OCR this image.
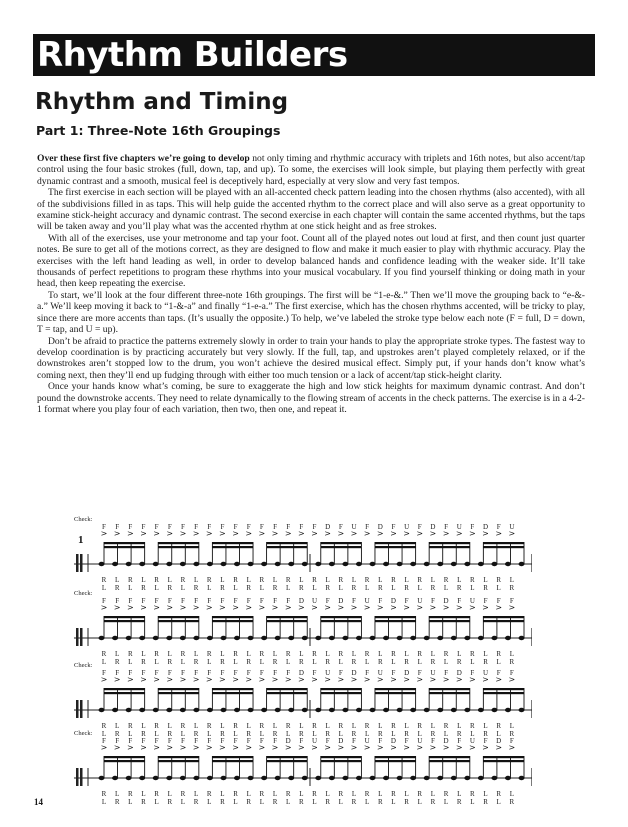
Rhythm Builders
Rhythm and Timing
Part 1: Three-Note 16th Groupings

Over these first five chapters we’re going to develop not only timing and rhythmic accuracy with triplets and 16th notes, but also accent/tap control using the four basic strokes (full, down, tap, and up). To some, the exercises will look simple, but playing them perfectly with great dynamic contrast and a smooth, musical feel is deceptively hard, especially at very slow and very fast tempos.

The first exercise in each section will be played with an all-accented check pattern leading into the chosen rhythms (also accented), with all of the subdivisions filled in as taps. This will help guide the accented rhythm to the correct place and will also serve as a great opportunity to examine stick-height accuracy and dynamic contrast. The second exercise in each chapter will contain the same accented rhythms, but the taps will be taken away and you’ll play what was the accented rhythm at one stick height and as free strokes.

With all of the exercises, use your metronome and tap your foot. Count all of the played notes out loud at first, and then count just quarter notes. Be sure to get all of the motions correct, as they are designed to flow and make it much easier to play with rhythmic accuracy. Play the exercises with the left hand leading as well, in order to develop balanced hands and confidence leading with the weaker side. It’ll take thousands of perfect repetitions to program these rhythms into your musical vocabulary. If you find yourself thinking or doing math in your head, then keep repeating the exercise.

To start, we’ll look at the four different three-note 16th groupings. The first will be “1-e-&.” Then we’ll move the grouping back to “e-&-a.” We’ll keep moving it back to “1-&-a” and finally “1-e-a.” The first exercise, which has the chosen rhythms accented, will be tricky to play, since there are more accents than taps. (It’s usually the opposite.) To help, we’ve labeled the stroke type below each note (F = full, D = down, T = tap, and U = up).

Don’t be afraid to practice the patterns extremely slowly in order to train your hands to play the appropriate stroke types. The fastest way to develop coordination is by practicing accurately but very slowly. If the full, tap, and upstrokes aren’t played completely relaxed, or if the downstrokes aren’t stopped low to the drum, you won’t achieve the desired musical effect. Simply put, if your hands don’t know what’s coming next, then they’ll end up fudging through with either too much tension or a lack of accent/tap stick-height clarity.

Once your hands know what’s coming, be sure to exaggerate the high and low stick heights for maximum dynamic contrast. And don’t pound the downstroke accents. They need to relate dynamically to the flowing stream of accents in the check patterns. The exercise is in a 4-2-1 format where you play four of each variation, then two, then one, and repeat it.

Check:
1
F	F	F	F	F	F	F	F	F	F	F	F	F	F	F	F	F	D	F	U	F	D	F	U	F	D	F	U	F	D	F	U
> > > > > > > > > > > > > > > > > > > > > > > > > > > > > > > >
R	L	R	L	R	L	R	L	R	L	R	L	R	L	R	L	R	L	R	L	R	L	R	L	R	L	R	L	R	L	R	L
L	R	L	R	L	R	L	R	L	R	L	R	L	R	L	R	L	R	L	R	L	R	L	R	L	R	L	R	L	R	L	R
Check:
F	F	F	F	F	F	F	F	F	F	F	F	F	F	F	D	U	F	D	F	U	F	D	F	U	F	D	F	U	F	F	F
> > > > > > > > > > > > > > > > > > > > > > > > > > > > > > > >
R	L	R	L	R	L	R	L	R	L	R	L	R	L	R	L	R	L	R	L	R	L	R	L	R	L	R	L	R	L	R	L
L	R	L	R	L	R	L	R	L	R	L	R	L	R	L	R	L	R	L	R	L	R	L	R	L	R	L	R	L	R	L	R
Check:
F	F	F	F	F	F	F	F	F	F	F	F	F	F	F	D	F	U	F	D	F	U	F	D	F	U	F	D	F	U	F	F
> > > > > > > > > > > > > > > > > > > > > > > > > > > > > > > >
R	L	R	L	R	L	R	L	R	L	R	L	R	L	R	L	R	L	R	L	R	L	R	L	R	L	R	L	R	L	R	L
L	R	L	R	L	R	L	R	L	R	L	R	L	R	L	R	L	R	L	R	L	R	L	R	L	R	L	R	L	R	L	R
Check:
F	F	F	F	F	F	F	F	F	F	F	F	F	F	D	F	U	F	D	F	U	F	D	F	U	F	D	F	U	F	D	F
> > > > > > > > > > > > > > > > > > > > > > > > > > > > > > > >
R	L	R	L	R	L	R	L	R	L	R	L	R	L	R	L	R	L	R	L	R	L	R	L	R	L	R	L	R	L	R	L
L	R	L	R	L	R	L	R	L	R	L	R	L	R	L	R	L	R	L	R	L	R	L	R	L	R	L	R	L	R	L	R
14
